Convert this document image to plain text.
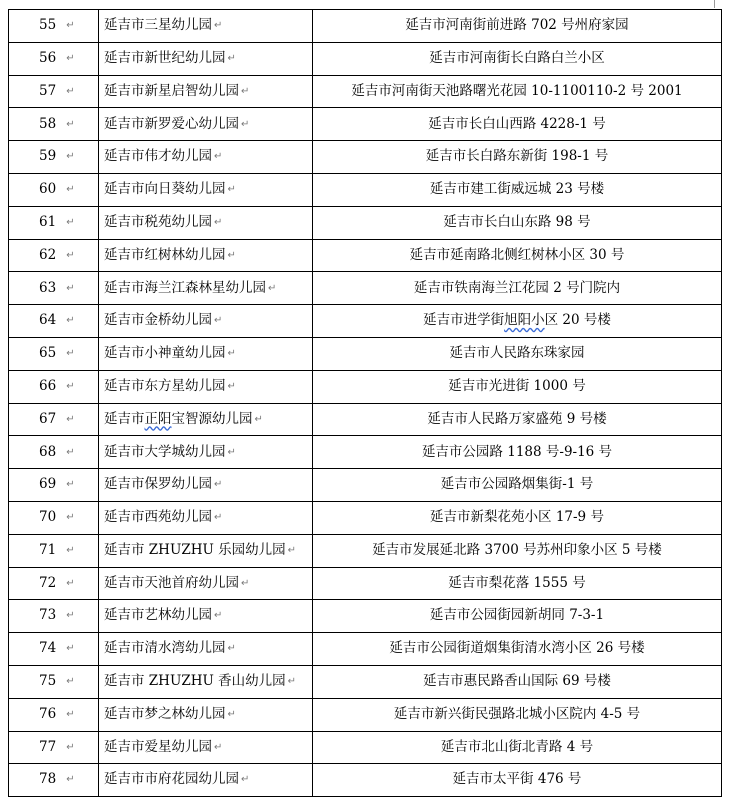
55 ↵	延吉市三星幼儿园 ↵	延吉市河南街前进路 702 号州府家园
56 ↵	延吉市新世纪幼儿园 ↵	延吉市河南街长白路白兰小区
57 ↵	延吉市新星启智幼儿园 ↵	延吉市河南街天池路曙光花园 10-1100110-2 号 2001
58 ↵	延吉市新罗爱心幼儿园 ↵	延吉市长白山西路 4228-1 号
59 ↵	延吉市伟才幼儿园 ↵	延吉市长白路东新街 198-1 号
60 ↵	延吉市向日葵幼儿园 ↵	延吉市建工街威远城 23 号楼
61 ↵	延吉市税苑幼儿园 ↵	延吉市长白山东路 98 号
62 ↵	延吉市红树林幼儿园 ↵	延吉市延南路北侧红树林小区 30 号
63 ↵	延吉市海兰江森林星幼儿园 ↵	延吉市铁南海兰江花园 2 号门院内
64 ↵	延吉市金桥幼儿园 ↵	延吉市进学街旭阳小区 20 号楼
65 ↵	延吉市小神童幼儿园 ↵	延吉市人民路东珠家园
66 ↵	延吉市东方星幼儿园 ↵	延吉市光进街 1000 号
67 ↵	延吉市正阳宝智源幼儿园 ↵	延吉市人民路万家盛苑 9 号楼
68 ↵	延吉市大学城幼儿园 ↵	延吉市公园路 1188 号-9-16 号
69 ↵	延吉市保罗幼儿园 ↵	延吉市公园路烟集街-1 号
70 ↵	延吉市西苑幼儿园 ↵	延吉市新梨花苑小区 17-9 号
71 ↵	延吉市 ZHUZHU 乐园幼儿园 ↵	延吉市发展延北路 3700 号苏州印象小区 5 号楼
72 ↵	延吉市天池首府幼儿园 ↵	延吉市梨花落 1555 号
73 ↵	延吉市艺林幼儿园 ↵	延吉市公园街园新胡同 7-3-1
74 ↵	延吉市清水湾幼儿园 ↵	延吉市公园街道烟集街清水湾小区 26 号楼
75 ↵	延吉市 ZHUZHU 香山幼儿园 ↵	延吉市惠民路香山国际 69 号楼
76 ↵	延吉市梦之林幼儿园 ↵	延吉市新兴街民强路北城小区院内 4-5 号
77 ↵	延吉市爱星幼儿园 ↵	延吉市北山街北青路 4 号
78 ↵	延吉市市府花园幼儿园 ↵	延吉市太平街 476 号
